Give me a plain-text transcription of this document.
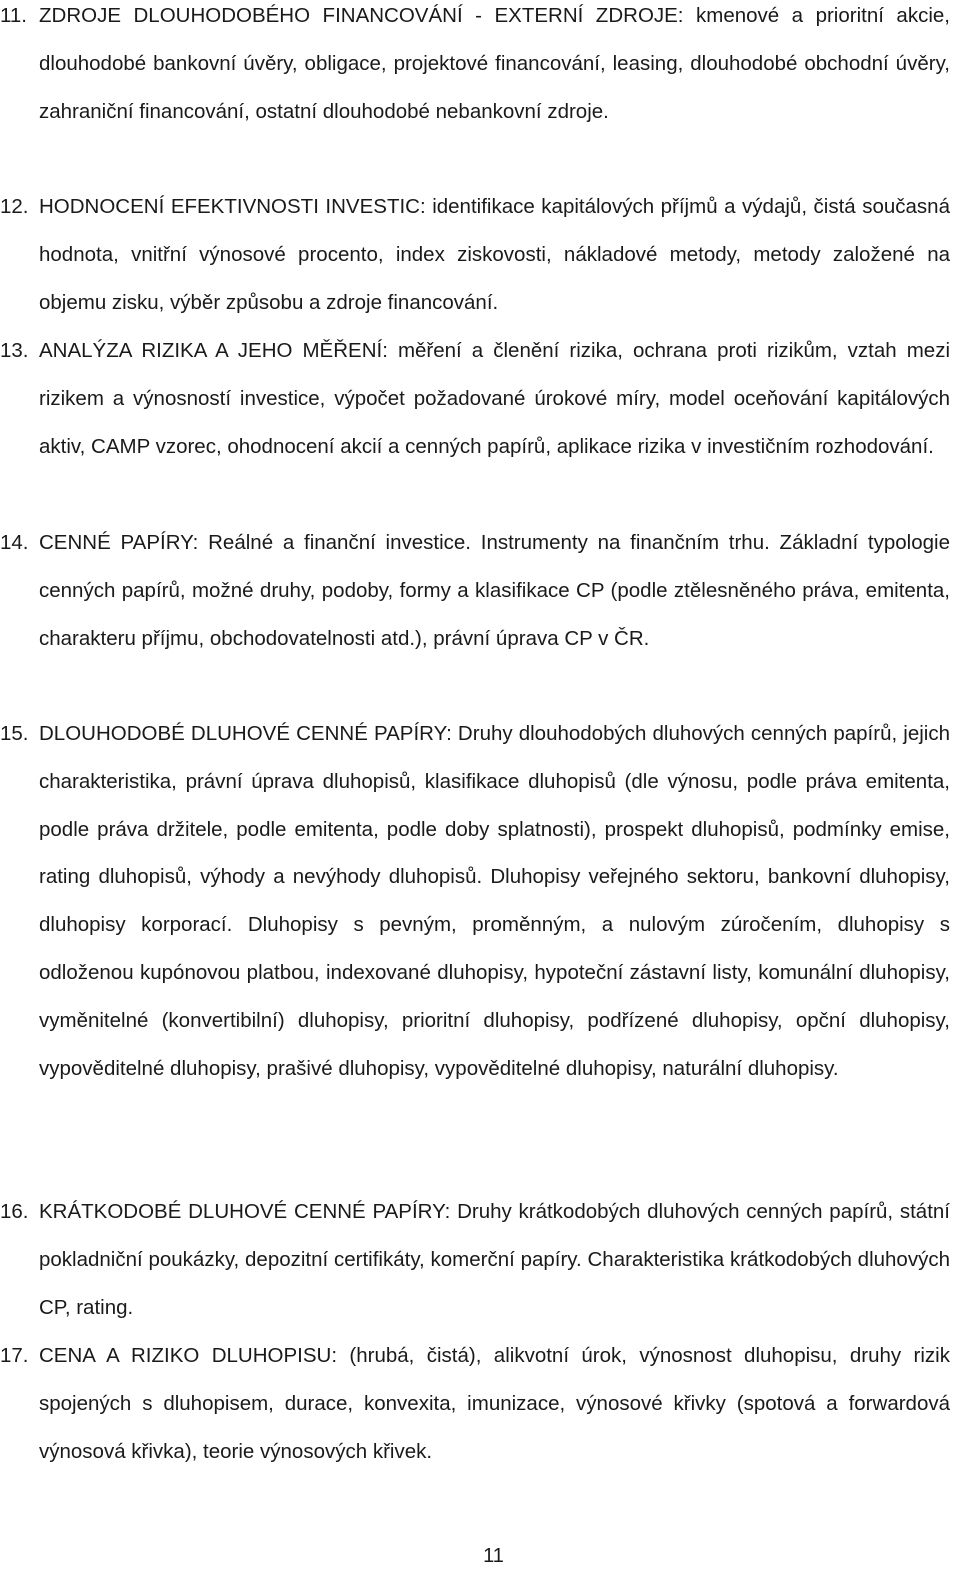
11. ZDROJE DLOUHODOBÉHO FINANCOVÁNÍ - EXTERNÍ ZDROJE: kmenové a prioritní akcie, dlouhodobé bankovní úvěry, obligace, projektové financování, leasing, dlouhodobé obchodní úvěry, zahraniční financování, ostatní dlouhodobé nebankovní zdroje.
12. HODNOCENÍ EFEKTIVNOSTI INVESTIC: identifikace kapitálových příjmů a výdajů, čistá současná hodnota, vnitřní výnosové procento, index ziskovosti, nákladové metody, metody založené na objemu zisku, výběr způsobu a zdroje financování.
13. ANALÝZA RIZIKA A JEHO MĚŘENÍ: měření a členění rizika, ochrana proti rizikům, vztah mezi rizikem a výnosností investice, výpočet požadované úrokové míry, model oceňování kapitálových aktiv, CAMP vzorec, ohodnocení akcií a cenných papírů, aplikace rizika v investičním rozhodování.
14. CENNÉ PAPÍRY: Reálné a finanční investice. Instrumenty na finančním trhu. Základní typologie cenných papírů, možné druhy, podoby, formy a klasifikace CP (podle ztělesněného práva, emitenta, charakteru příjmu, obchodovatelnosti atd.), právní úprava CP v ČR.
15. DLOUHODOBÉ DLUHOVÉ CENNÉ PAPÍRY: Druhy dlouhodobých dluhových cenných papírů, jejich charakteristika, právní úprava dluhopisů, klasifikace dluhopisů (dle výnosu, podle práva emitenta, podle práva držitele, podle emitenta, podle doby splatnosti), prospekt dluhopisů, podmínky emise, rating dluhopisů, výhody a nevýhody dluhopisů. Dluhopisy veřejného sektoru, bankovní dluhopisy, dluhopisy korporací. Dluhopisy s pevným, proměnným, a nulovým zúročením, dluhopisy s odloženou kupónovou platbou, indexované dluhopisy, hypoteční zástavní listy, komunální dluhopisy, vyměnitelné (konvertibilní) dluhopisy, prioritní dluhopisy, podřízené dluhopisy, opční dluhopisy, vypověditelné dluhopisy, prašivé dluhopisy, vypověditelné dluhopisy, naturální dluhopisy.
16. KRÁTKODOBÉ DLUHOVÉ CENNÉ PAPÍRY: Druhy krátkodobých dluhových cenných papírů, státní pokladniční poukázky, depozitní certifikáty, komerční papíry. Charakteristika krátkodobých dluhových CP, rating.
17. CENA A RIZIKO DLUHOPISU: (hrubá, čistá), alikvotní úrok, výnosnost dluhopisu, druhy rizik spojených s dluhopisem, durace, konvexita, imunizace, výnosové křivky (spotová a forwardová výnosová křivka), teorie výnosových křivek.
11
